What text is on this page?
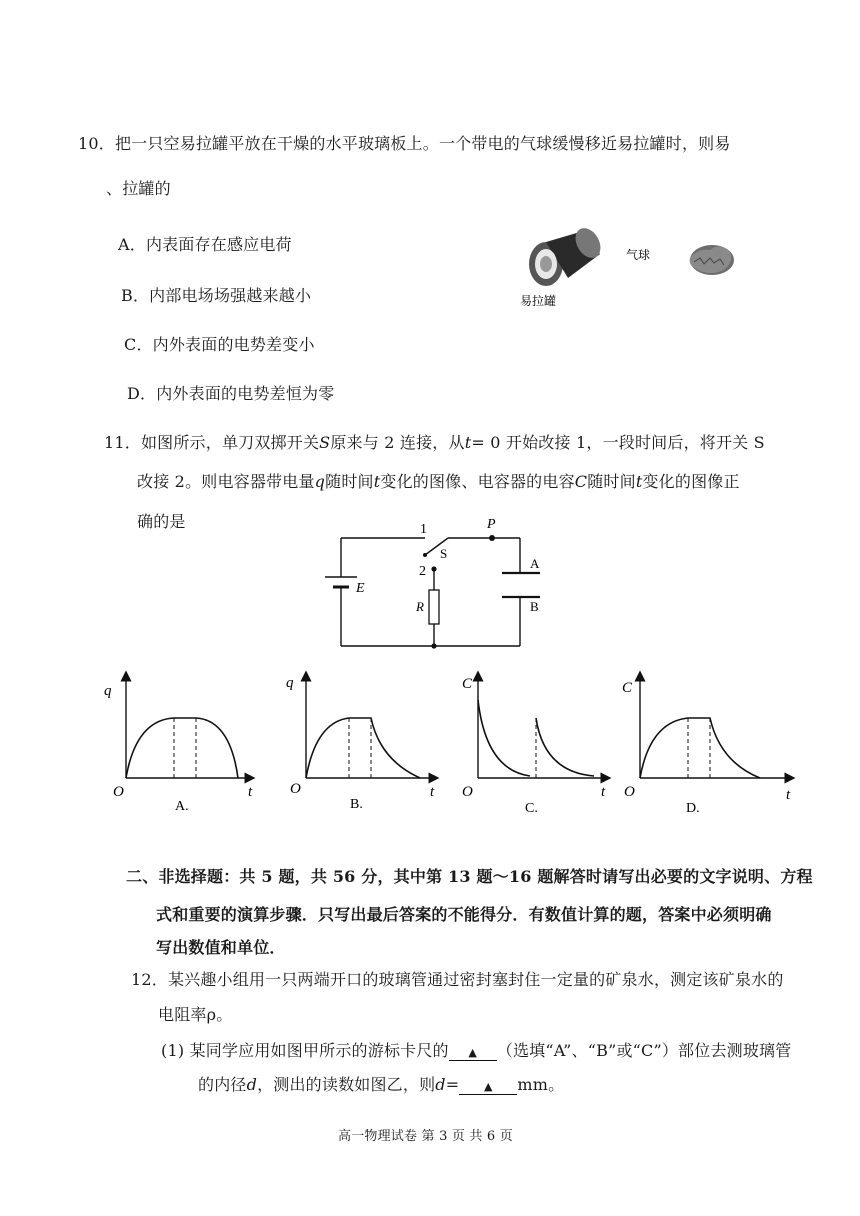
10．把一只空易拉罐平放在干燥的水平玻璃板上。一个带电的气球缓慢移近易拉罐时，则易
、拉罐的
A．内表面存在感应电荷
B．内部电场场强越来越小
C．内外表面的电势差变小
D．内外表面的电势差恒为零
易拉罐
气球
11．如图所示，单刀双掷开关S原来与 2 连接，从t= 0 开始改接 1，一段时间后，将开关 S
改接 2。则电容器带电量q随时间t变化的图像、电容器的电容C随时间t变化的图像正
确的是	1	P
S
2
E
R
A
B
q
O	t
A.
q
O	t
B.
C
O	t
C.
C
O	t
D.
二、非选择题：共 5 题，共 56 分，其中第 13 题～16 题解答时请写出必要的文字说明、方程
式和重要的演算步骤．只写出最后答案的不能得分．有数值计算的题，答案中必须明确
写出数值和单位．
12．某兴趣小组用一只两端开口的玻璃管通过密封塞封住一定量的矿泉水，测定该矿泉水的
电阻率ρ。
(1) 某同学应用如图甲所示的游标卡尺的 ▲ （选填“A”、“B”或“C”）部位去测玻璃管
的内径d，测出的读数如图乙，则d= ▲ mm。
高一物理试卷 第 3 页 共 6 页
